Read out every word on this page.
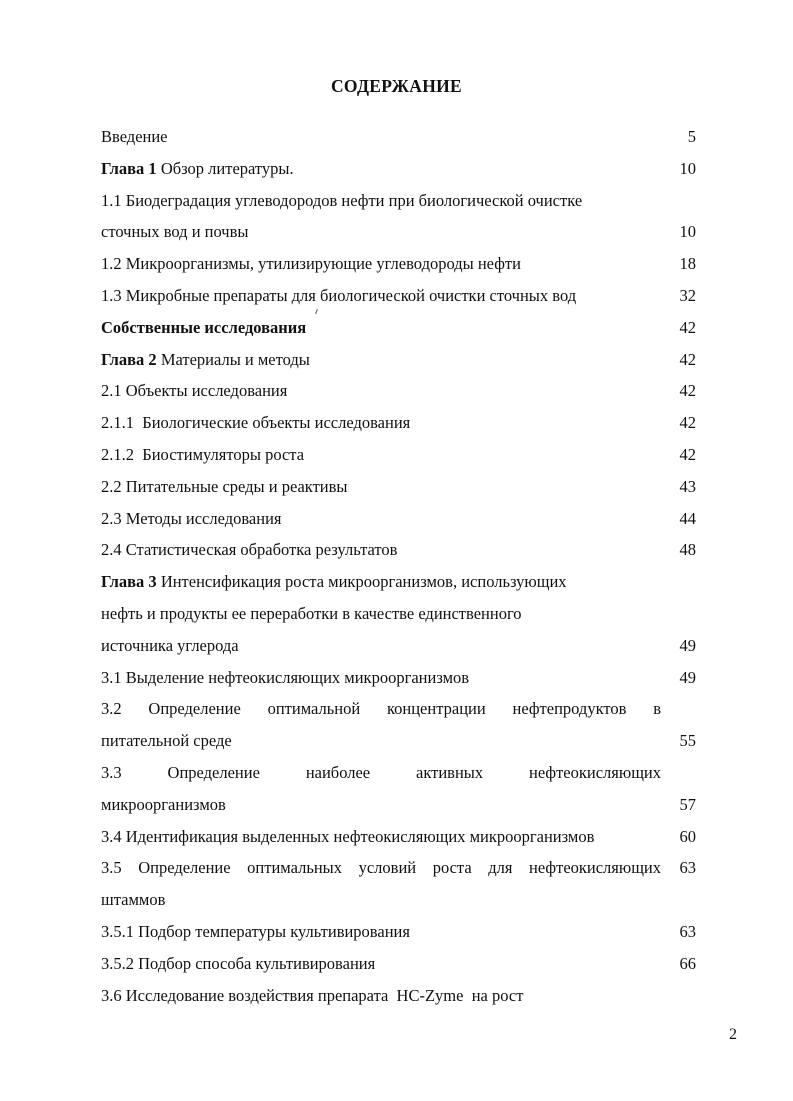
СОДЕРЖАНИЕ
Введение	5
Глава 1 Обзор литературы.	10
1.1 Биодеградация углеводородов нефти при биологической очистке
сточных вод и почвы	10
1.2 Микроорганизмы, утилизирующие углеводороды нефти	18
1.3 Микробные препараты для биологической очистки сточных вод	32
Собственные исследования	42
Глава 2 Материалы и методы	42
2.1 Объекты исследования	42
2.1.1  Биологические объекты исследования	42
2.1.2  Биостимуляторы роста	42
2.2 Питательные среды и реактивы	43
2.3 Методы исследования	44
2.4 Статистическая обработка результатов	48
Глава 3 Интенсификация роста микроорганизмов, использующих
нефть и продукты ее переработки в качестве единственного
источника углерода	49
3.1 Выделение нефтеокисляющих микроорганизмов	49
3.2 Определение оптимальной концентрации нефтепродуктов в
питательной среде	55
3.3 Определение наиболее активных нефтеокисляющих
микроорганизмов	57
3.4 Идентификация выделенных нефтеокисляющих микроорганизмов	60
3.5 Определение оптимальных условий роста для нефтеокисляющих	63
штаммов
3.5.1 Подбор температуры культивирования	63
3.5.2 Подбор способа культивирования	66
3.6 Исследование воздействия препарата  HC-Zyme  на рост
2
